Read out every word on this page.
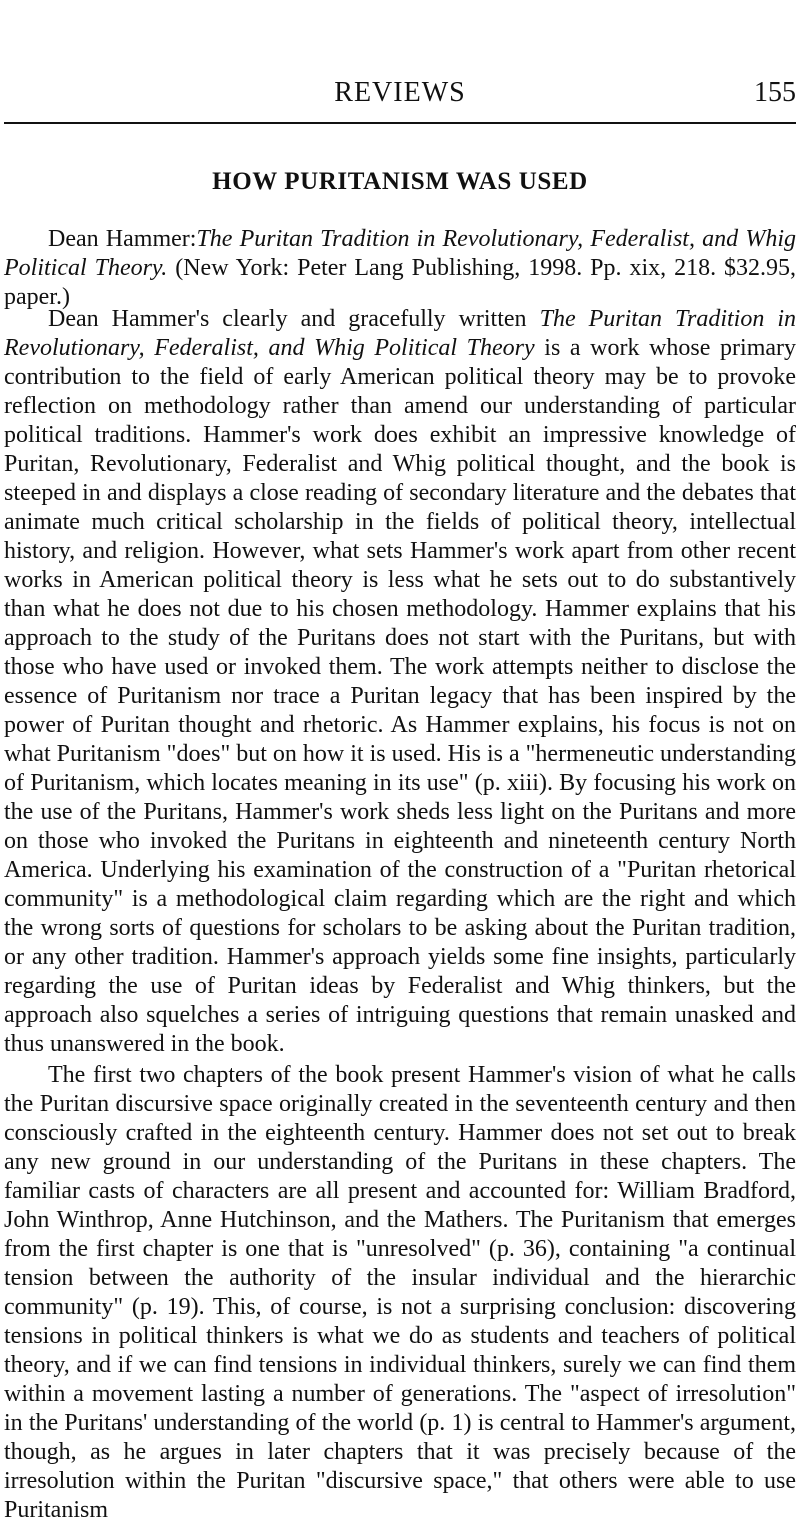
REVIEWS	155
HOW PURITANISM WAS USED
Dean Hammer:The Puritan Tradition in Revolutionary, Federalist, and Whig Political Theory. (New York: Peter Lang Publishing, 1998. Pp. xix, 218. $32.95, paper.)

Dean Hammer's clearly and gracefully written The Puritan Tradition in Revolutionary, Federalist, and Whig Political Theory is a work whose primary contribution to the field of early American political theory may be to provoke reflection on methodology rather than amend our understanding of particular political traditions. Hammer's work does exhibit an impressive knowledge of Puritan, Revolutionary, Federalist and Whig political thought, and the book is steeped in and displays a close reading of secondary literature and the debates that animate much critical scholarship in the fields of political theory, intellectual history, and religion. However, what sets Hammer's work apart from other recent works in American political theory is less what he sets out to do substantively than what he does not due to his chosen methodology. Hammer explains that his approach to the study of the Puritans does not start with the Puritans, but with those who have used or invoked them. The work attempts neither to disclose the essence of Puritanism nor trace a Puritan legacy that has been inspired by the power of Puritan thought and rhetoric. As Hammer explains, his focus is not on what Puritanism "does" but on how it is used. His is a "hermeneutic understanding of Puritanism, which locates meaning in its use" (p. xiii). By focusing his work on the use of the Puritans, Hammer's work sheds less light on the Puritans and more on those who invoked the Puritans in eighteenth and nineteenth century North America. Underlying his examination of the construction of a "Puritan rhetorical community" is a methodological claim regarding which are the right and which the wrong sorts of questions for scholars to be asking about the Puritan tradition, or any other tradition. Hammer's approach yields some fine insights, particularly regarding the use of Puritan ideas by Federalist and Whig thinkers, but the approach also squelches a series of intriguing questions that remain unasked and thus unanswered in the book.

The first two chapters of the book present Hammer's vision of what he calls the Puritan discursive space originally created in the seventeenth century and then consciously crafted in the eighteenth century. Hammer does not set out to break any new ground in our understanding of the Puritans in these chapters. The familiar casts of characters are all present and accounted for: William Bradford, John Winthrop, Anne Hutchinson, and the Mathers. The Puritanism that emerges from the first chapter is one that is "unresolved" (p. 36), containing "a continual tension between the authority of the insular individual and the hierarchic community" (p. 19). This, of course, is not a surprising conclusion: discovering tensions in political thinkers is what we do as students and teachers of political theory, and if we can find tensions in individual thinkers, surely we can find them within a movement lasting a number of generations. The "aspect of irresolution" in the Puritans' understanding of the world (p. 1) is central to Hammer's argument, though, as he argues in later chapters that it was precisely because of the irresolution within the Puritan "discursive space," that others were able to use Puritanism
